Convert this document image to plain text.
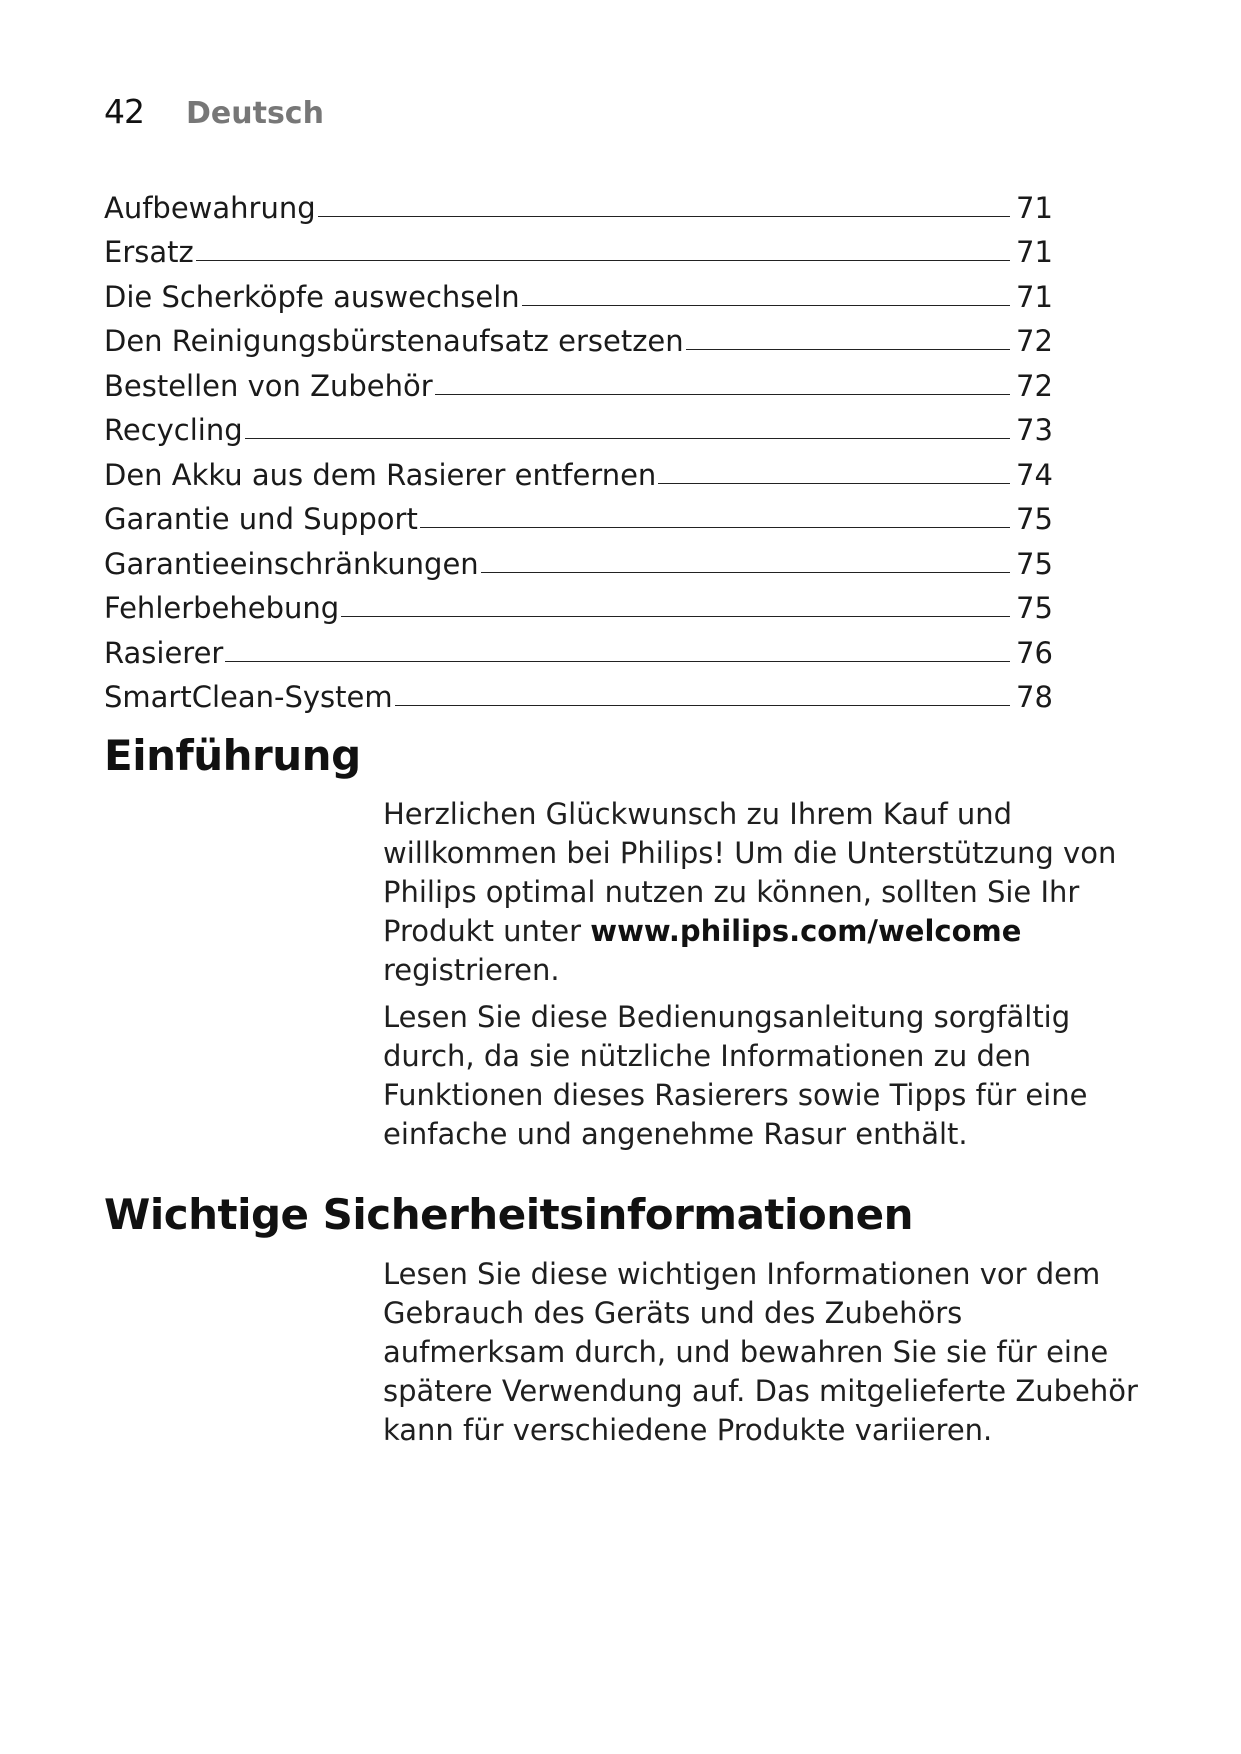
42 Deutsch
Aufbewahrung	71
Ersatz	71
Die Scherköpfe auswechseln	71
Den Reinigungsbürstenaufsatz ersetzen	72
Bestellen von Zubehör	72
Recycling	73
Den Akku aus dem Rasierer entfernen	74
Garantie und Support	75
Garantieeinschränkungen	75
Fehlerbehebung	75
Rasierer	76
SmartClean-System	78
Einführung

Herzlichen Glückwunsch zu Ihrem Kauf und willkommen bei Philips! Um die Unterstützung von Philips optimal nutzen zu können, sollten Sie Ihr Produkt unter www.philips.com/welcome registrieren.

Lesen Sie diese Bedienungsanleitung sorgfältig durch, da sie nützliche Informationen zu den Funktionen dieses Rasierers sowie Tipps für eine einfache und angenehme Rasur enthält.

Wichtige Sicherheitsinformationen

Lesen Sie diese wichtigen Informationen vor dem Gebrauch des Geräts und des Zubehörs aufmerksam durch, und bewahren Sie sie für eine spätere Verwendung auf. Das mitgelieferte Zubehör kann für verschiedene Produkte variieren.
